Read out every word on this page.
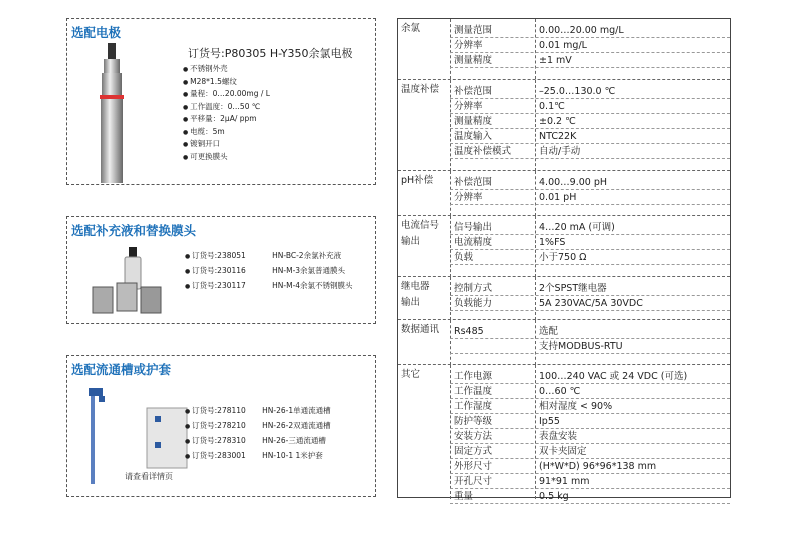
选配电极
订货号:P80305 H-Y350余氯电极
● 不锈钢外壳
● M28*1.5螺纹
● 量程：0…20.00mg / L
● 工作温度：0…50 ℃
● 平移量：2μA/ ppm
● 电缆：5m
● 镀铜开口
● 可更换膜头
选配补充液和替换膜头
● 订货号:238051	HN-BC-2余氯补充液
● 订货号:230116	HN-M-3余氯普通膜头
● 订货号:230117	HN-M-4余氯不锈钢膜头
选配流通槽或护套
● 订货号:278110 HN-26-1单通流通槽
● 订货号:278210 HN-26-2双通流通槽
● 订货号:278310 HN-26-三通流通槽
● 订货号:283001 HN-10-1 1米护套
请查看详情页
余氯	测量范围	0.00…20.00 mg/L
分辨率	0.01 mg/L
测量精度	±1 mV
温度补偿 补偿范围	–25.0…130.0 ℃
分辨率	0.1℃
测量精度	±0.2 ℃
温度输入	NTC22K
温度补偿模式	自动/手动
pH补偿 补偿范围	4.00…9.00 pH
分辨率	0.01 pH
电流信号
输出
信号输出	4…20 mA (可调)
电流精度	1%FS
负载	小于750 Ω
继电器
输出
控制方式	2个SPST继电器
负载能力	5A 230VAC/5A 30VDC
数据通讯 Rs485	选配
支持MODBUS-RTU
其它	工作电源	100…240 VAC 或 24 VDC (可选)
工作温度	0…60 ℃
工作湿度	相对湿度 < 90%
防护等级	Ip55
安装方法	表盘安装
固定方式	双卡夹固定
外形尺寸	(H*W*D) 96*96*138 mm
开孔尺寸	91*91 mm
重量	0.5 kg
